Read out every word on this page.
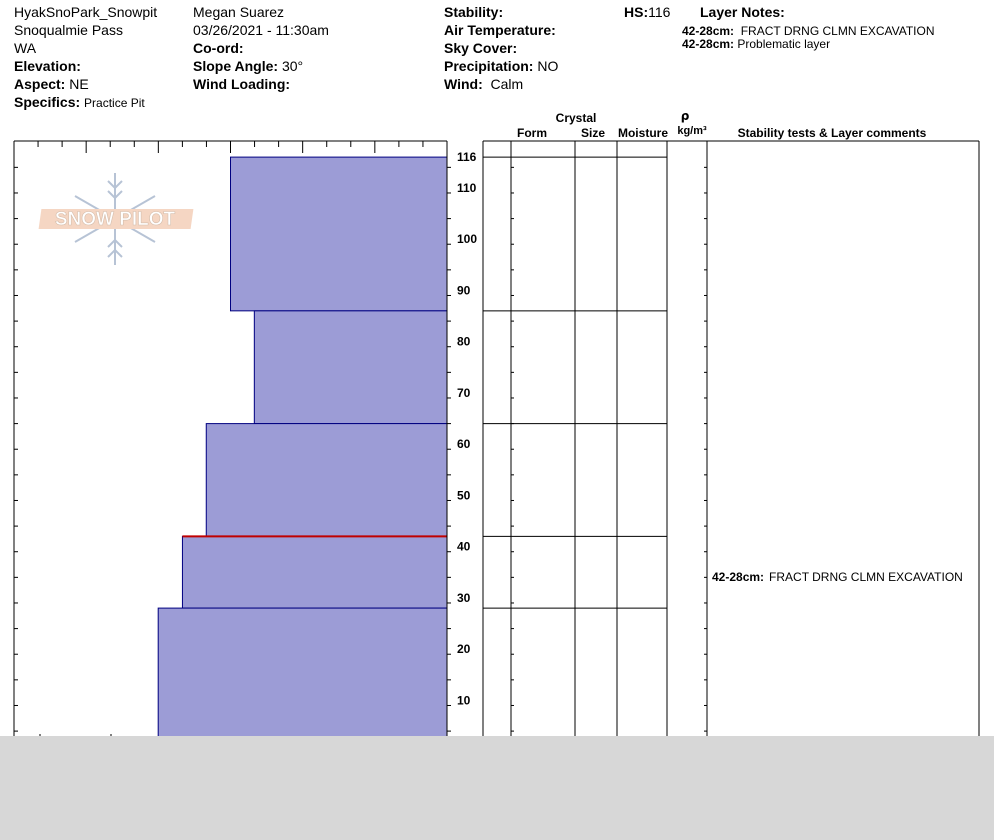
HyakSnoPark_Snowpit
Snoqualmie Pass
WA
Elevation:
Aspect: NE
Specifics: Practice Pit
Megan Suarez
03/26/2021 - 11:30am
Co-ord:
Slope Angle: 30°
Wind Loading:
Stability:
Air Temperature:
Sky Cover:
Precipitation: NO
Wind: Calm
HS:116 Layer Notes:
42-28cm: FRACT DRNG CLMN EXCAVATION
42-28cm: Problematic layer
116
110
100
90
80
70
60
50
40
30
20
10
SNOW PILOT
Crystal
Form	Size Moisture
ρ
kg/m³	Stability tests & Layer comments
42-28cm: FRACT DRNG CLMN EXCAVATION
